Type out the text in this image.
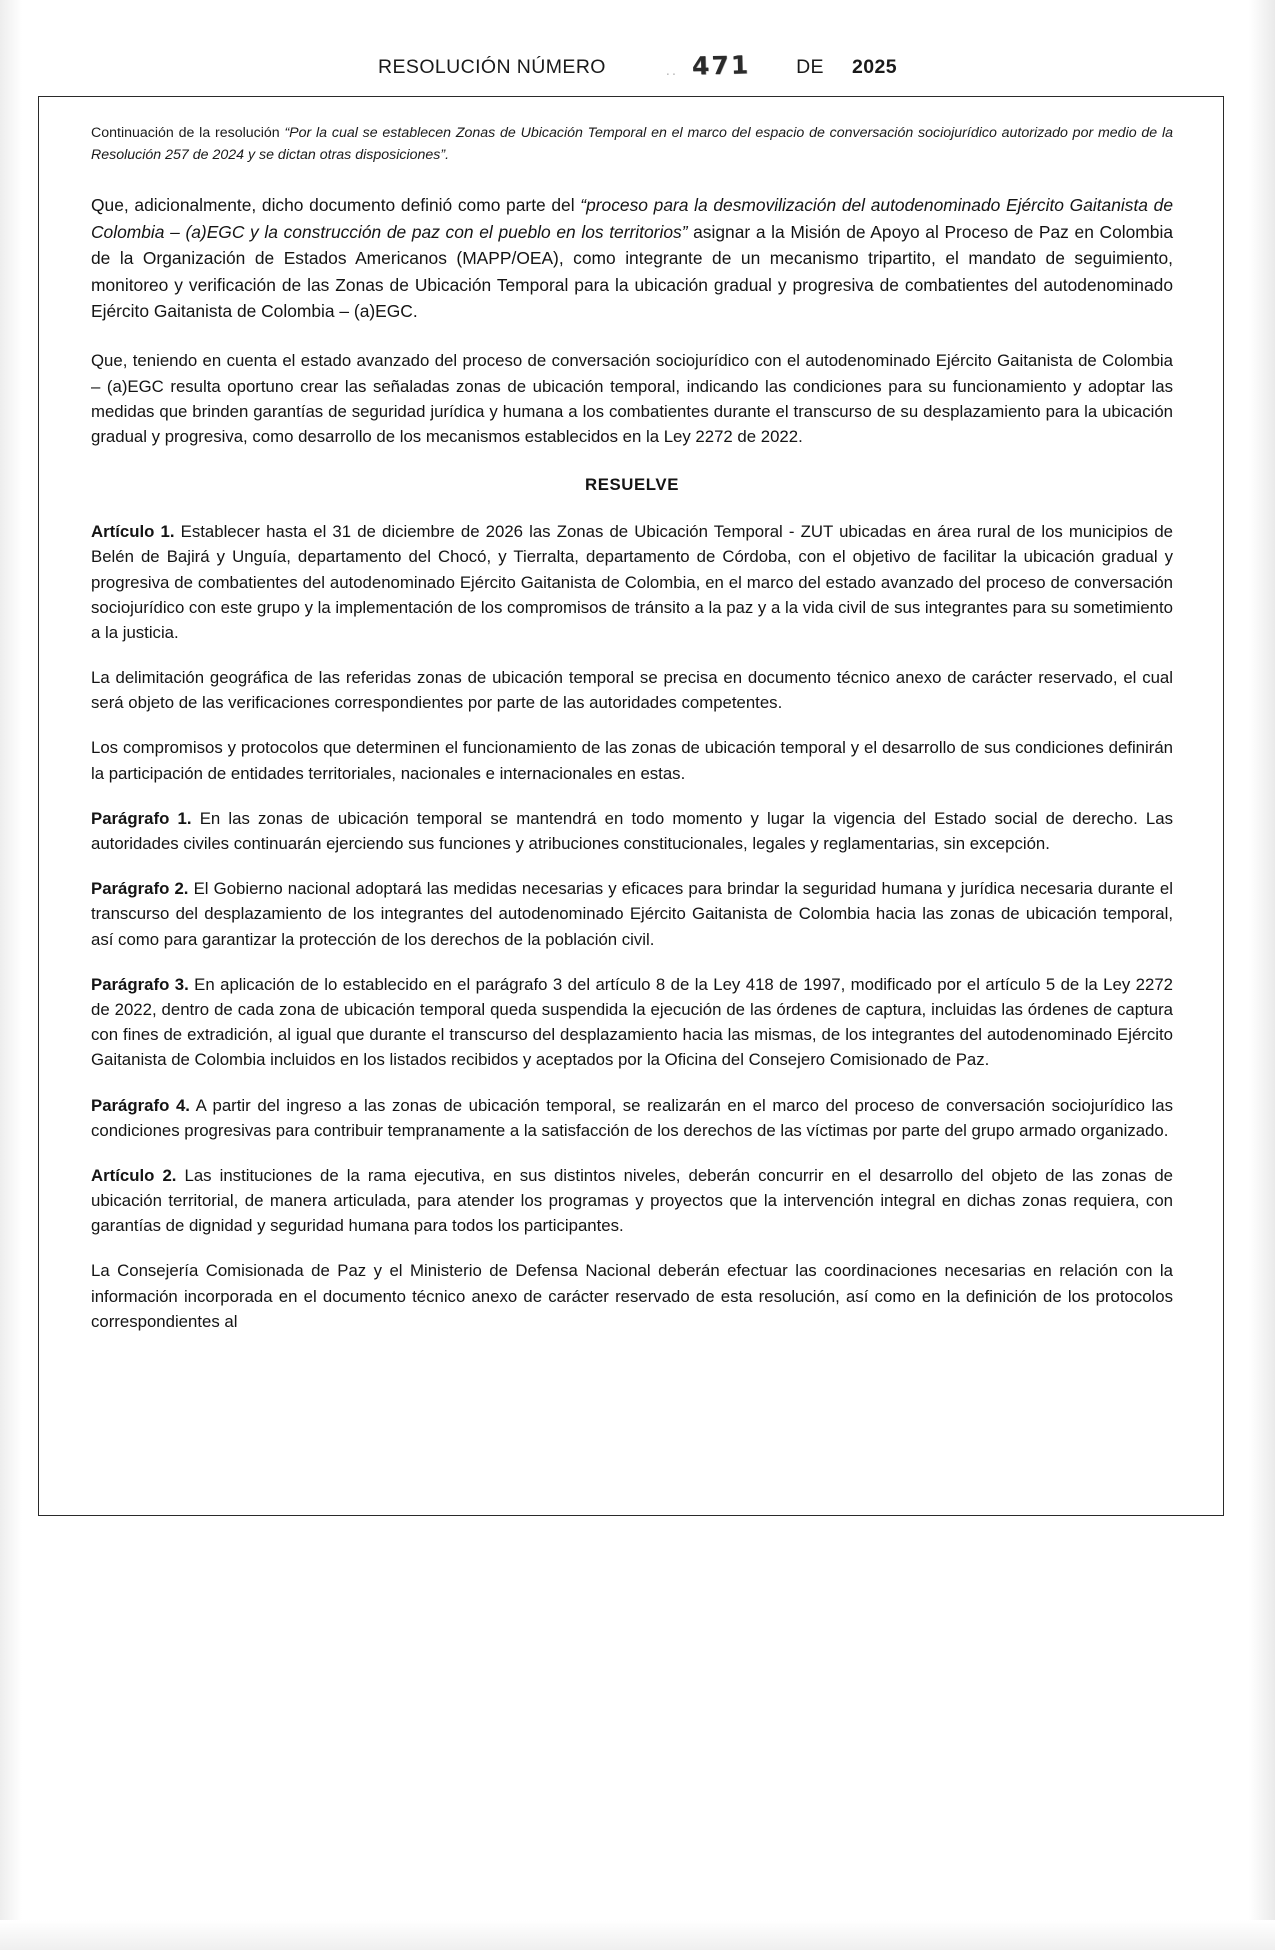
RESOLUCIÓN NÚMERO	.. 471 DE 2025
Continuación de la resolución “Por la cual se establecen Zonas de Ubicación Temporal en el marco del espacio de conversación sociojurídico autorizado por medio de la Resolución 257 de 2024 y se dictan otras disposiciones”.

Que, adicionalmente, dicho documento definió como parte del “proceso para la desmovilización del autodenominado Ejército Gaitanista de Colombia – (a)EGC y la construcción de paz con el pueblo en los territorios” asignar a la Misión de Apoyo al Proceso de Paz en Colombia de la Organización de Estados Americanos (MAPP/OEA), como integrante de un mecanismo tripartito, el mandato de seguimiento, monitoreo y verificación de las Zonas de Ubicación Temporal para la ubicación gradual y progresiva de combatientes del autodenominado Ejército Gaitanista de Colombia – (a)EGC.

Que, teniendo en cuenta el estado avanzado del proceso de conversación sociojurídico con el autodenominado Ejército Gaitanista de Colombia – (a)EGC resulta oportuno crear las señaladas zonas de ubicación temporal, indicando las condiciones para su funcionamiento y adoptar las medidas que brinden garantías de seguridad jurídica y humana a los combatientes durante el transcurso de su desplazamiento para la ubicación gradual y progresiva, como desarrollo de los mecanismos establecidos en la Ley 2272 de 2022.

RESUELVE

Artículo 1. Establecer hasta el 31 de diciembre de 2026 las Zonas de Ubicación Temporal - ZUT ubicadas en área rural de los municipios de Belén de Bajirá y Unguía, departamento del Chocó, y Tierralta, departamento de Córdoba, con el objetivo de facilitar la ubicación gradual y progresiva de combatientes del autodenominado Ejército Gaitanista de Colombia, en el marco del estado avanzado del proceso de conversación sociojurídico con este grupo y la implementación de los compromisos de tránsito a la paz y a la vida civil de sus integrantes para su sometimiento a la justicia.

La delimitación geográfica de las referidas zonas de ubicación temporal se precisa en documento técnico anexo de carácter reservado, el cual será objeto de las verificaciones correspondientes por parte de las autoridades competentes.

Los compromisos y protocolos que determinen el funcionamiento de las zonas de ubicación temporal y el desarrollo de sus condiciones definirán la participación de entidades territoriales, nacionales e internacionales en estas.

Parágrafo 1. En las zonas de ubicación temporal se mantendrá en todo momento y lugar la vigencia del Estado social de derecho. Las autoridades civiles continuarán ejerciendo sus funciones y atribuciones constitucionales, legales y reglamentarias, sin excepción.

Parágrafo 2. El Gobierno nacional adoptará las medidas necesarias y eficaces para brindar la seguridad humana y jurídica necesaria durante el transcurso del desplazamiento de los integrantes del autodenominado Ejército Gaitanista de Colombia hacia las zonas de ubicación temporal, así como para garantizar la protección de los derechos de la población civil.

Parágrafo 3. En aplicación de lo establecido en el parágrafo 3 del artículo 8 de la Ley 418 de 1997, modificado por el artículo 5 de la Ley 2272 de 2022, dentro de cada zona de ubicación temporal queda suspendida la ejecución de las órdenes de captura, incluidas las órdenes de captura con fines de extradición, al igual que durante el transcurso del desplazamiento hacia las mismas, de los integrantes del autodenominado Ejército Gaitanista de Colombia incluidos en los listados recibidos y aceptados por la Oficina del Consejero Comisionado de Paz.

Parágrafo 4. A partir del ingreso a las zonas de ubicación temporal, se realizarán en el marco del proceso de conversación sociojurídico las condiciones progresivas para contribuir tempranamente a la satisfacción de los derechos de las víctimas por parte del grupo armado organizado.

Artículo 2. Las instituciones de la rama ejecutiva, en sus distintos niveles, deberán concurrir en el desarrollo del objeto de las zonas de ubicación territorial, de manera articulada, para atender los programas y proyectos que la intervención integral en dichas zonas requiera, con garantías de dignidad y seguridad humana para todos los participantes.

La Consejería Comisionada de Paz y el Ministerio de Defensa Nacional deberán efectuar las coordinaciones necesarias en relación con la información incorporada en el documento técnico anexo de carácter reservado de esta resolución, así como en la definición de los protocolos correspondientes al
